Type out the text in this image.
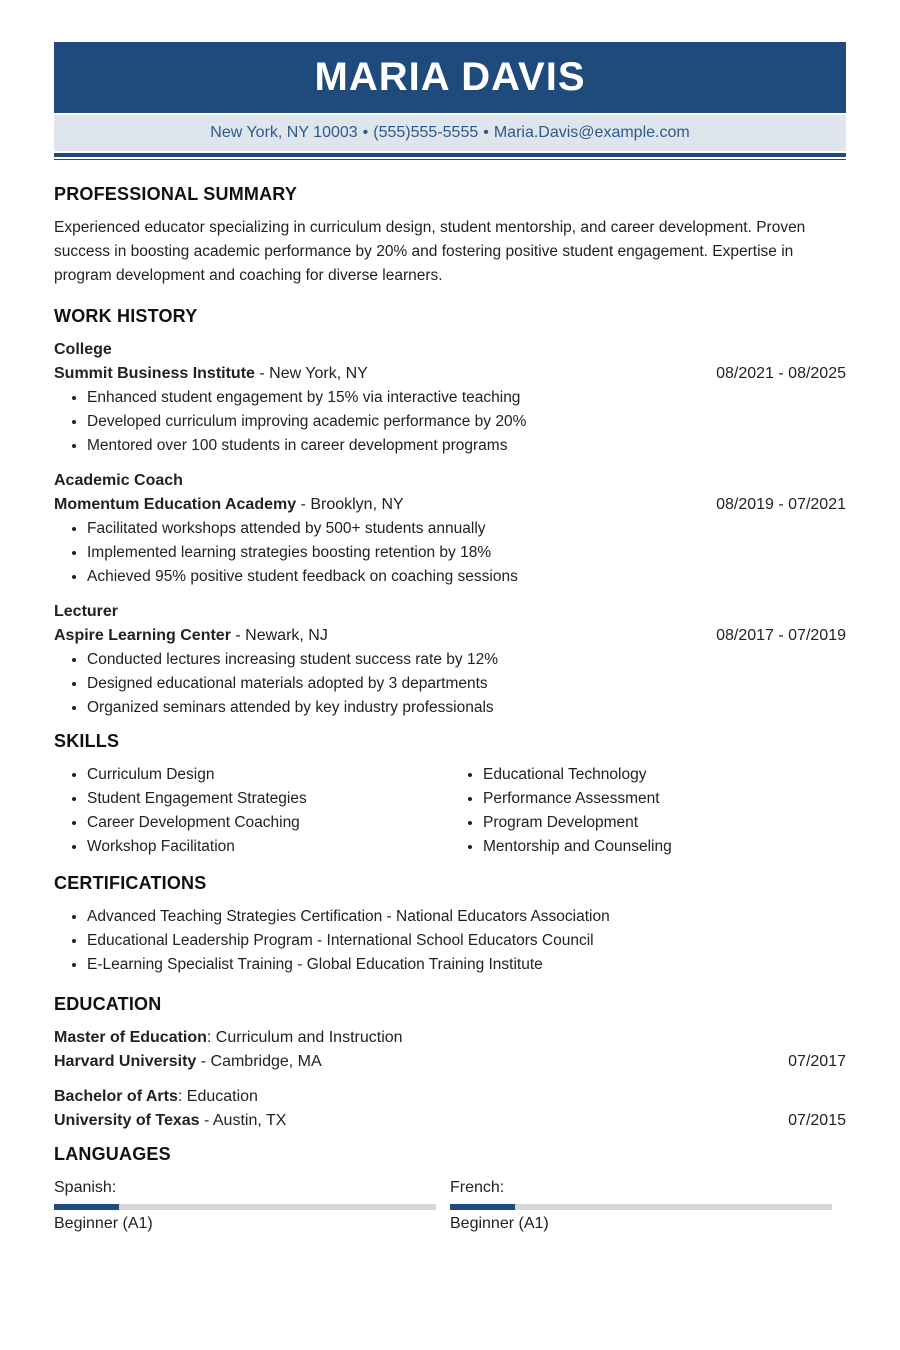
MARIA DAVIS
New York, NY 10003 • (555)555-5555 • Maria.Davis@example.com
PROFESSIONAL SUMMARY

Experienced educator specializing in curriculum design, student mentorship, and career development. Proven success in boosting academic performance by 20% and fostering positive student engagement. Expertise in program development and coaching for diverse learners.

WORK HISTORY
College
Summit Business Institute - New York, NY	08/2021 - 08/2025
• Enhanced student engagement by 15% via interactive teaching
• Developed curriculum improving academic performance by 20%
• Mentored over 100 students in career development programs
Academic Coach
Momentum Education Academy - Brooklyn, NY	08/2019 - 07/2021
• Facilitated workshops attended by 500+ students annually
• Implemented learning strategies boosting retention by 18%
• Achieved 95% positive student feedback on coaching sessions
Lecturer
Aspire Learning Center - Newark, NJ	08/2017 - 07/2019
• Conducted lectures increasing student success rate by 12%
• Designed educational materials adopted by 3 departments
• Organized seminars attended by key industry professionals
SKILLS
• Curriculum Design
• Student Engagement Strategies
• Career Development Coaching
• Workshop Facilitation
• Educational Technology
• Performance Assessment
• Program Development
• Mentorship and Counseling
CERTIFICATIONS
• Advanced Teaching Strategies Certification - National Educators Association
• Educational Leadership Program - International School Educators Council
• E-Learning Specialist Training - Global Education Training Institute
EDUCATION
Master of Education: Curriculum and Instruction
Harvard University - Cambridge, MA	07/2017
Bachelor of Arts: Education
University of Texas - Austin, TX	07/2015
LANGUAGES
Spanish:
Beginner (A1)
French:
Beginner (A1)
